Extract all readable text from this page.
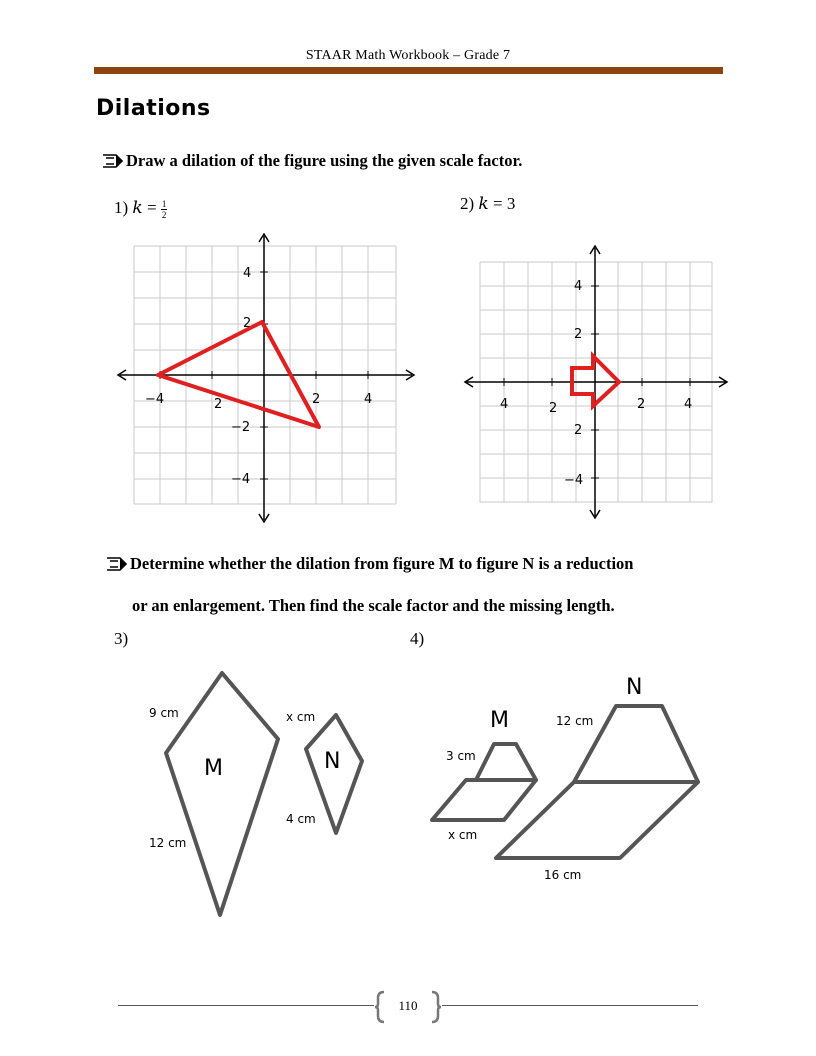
STAAR Math Workbook – Grade 7
Dilations
Draw a dilation of the figure using the given scale factor.
1) $k = \frac{1}{2}$	2) k = 3
−4	2	2	4
4
2
−2
−4
4	2	2	4
4
2
2
−4
Determine whether the dilation from figure M to figure N is a reduction
or an enlargement. Then find the scale factor and the missing length.
3)	4)
M	N
9 cm
12 cm
x cm
4 cm
M
N
3 cm
x cm
12 cm
16 cm
110
